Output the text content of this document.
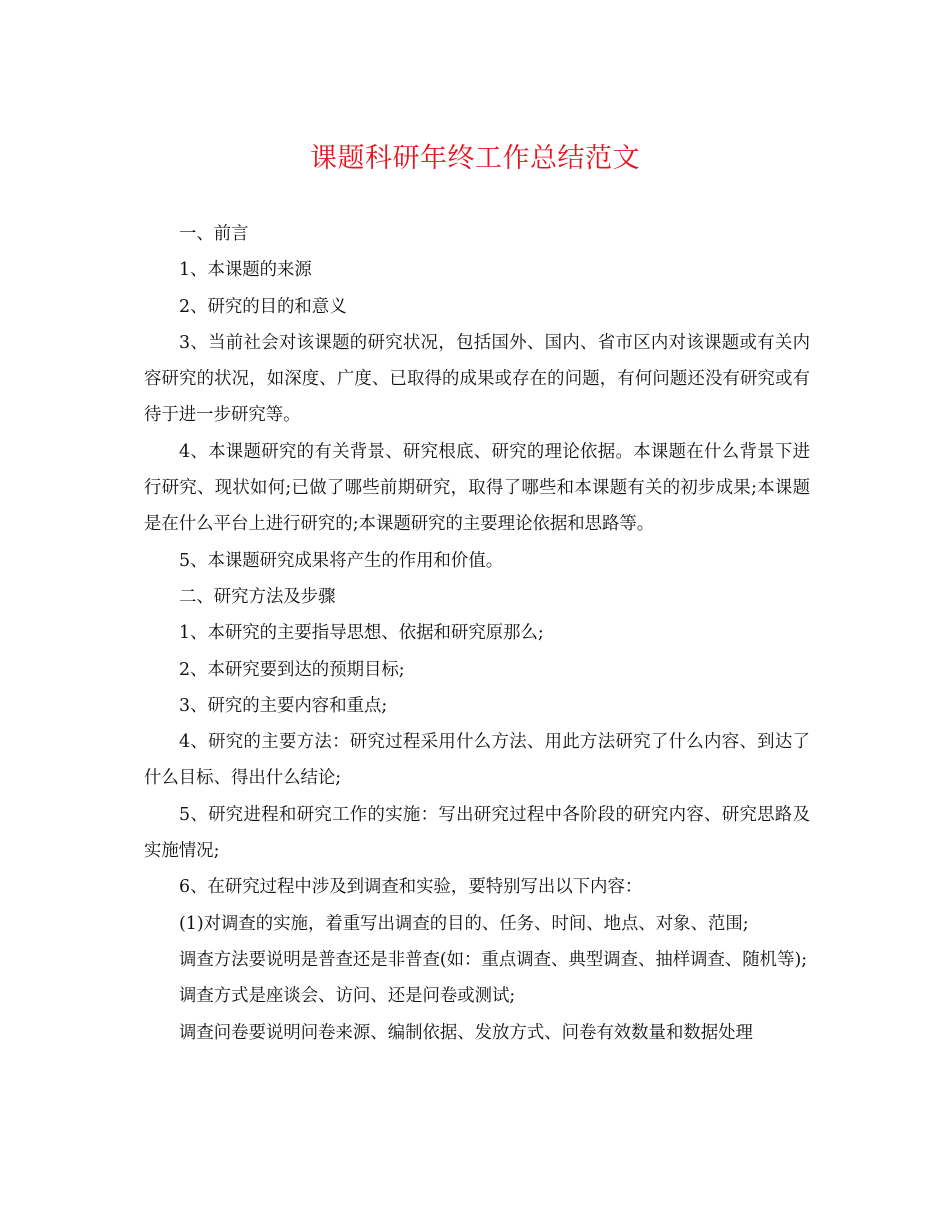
课题科研年终工作总结范文

一、前言

1、本课题的来源

2、研究的目的和意义

3、当前社会对该课题的研究状况，包括国外、国内、省市区内对该课题或有关内容研究的状况，如深度、广度、已取得的成果或存在的问题，有何问题还没有研究或有待于进一步研究等。

4、本课题研究的有关背景、研究根底、研究的理论依据。本课题在什么背景下进行研究、现状如何;已做了哪些前期研究，取得了哪些和本课题有关的初步成果;本课题是在什么平台上进行研究的;本课题研究的主要理论依据和思路等。

5、本课题研究成果将产生的作用和价值。

二、研究方法及步骤

1、本研究的主要指导思想、依据和研究原那么;

2、本研究要到达的预期目标;

3、研究的主要内容和重点;

4、研究的主要方法：研究过程采用什么方法、用此方法研究了什么内容、到达了什么目标、得出什么结论;

5、研究进程和研究工作的实施：写出研究过程中各阶段的研究内容、研究思路及实施情况;

6、在研究过程中涉及到调查和实验，要特别写出以下内容：

(1)对调查的实施，着重写出调查的目的、任务、时间、地点、对象、范围;

调查方法要说明是普查还是非普查(如：重点调查、典型调查、抽样调查、随机等);

调查方式是座谈会、访问、还是问卷或测试;

调查问卷要说明问卷来源、编制依据、发放方式、问卷有效数量和数据处理
